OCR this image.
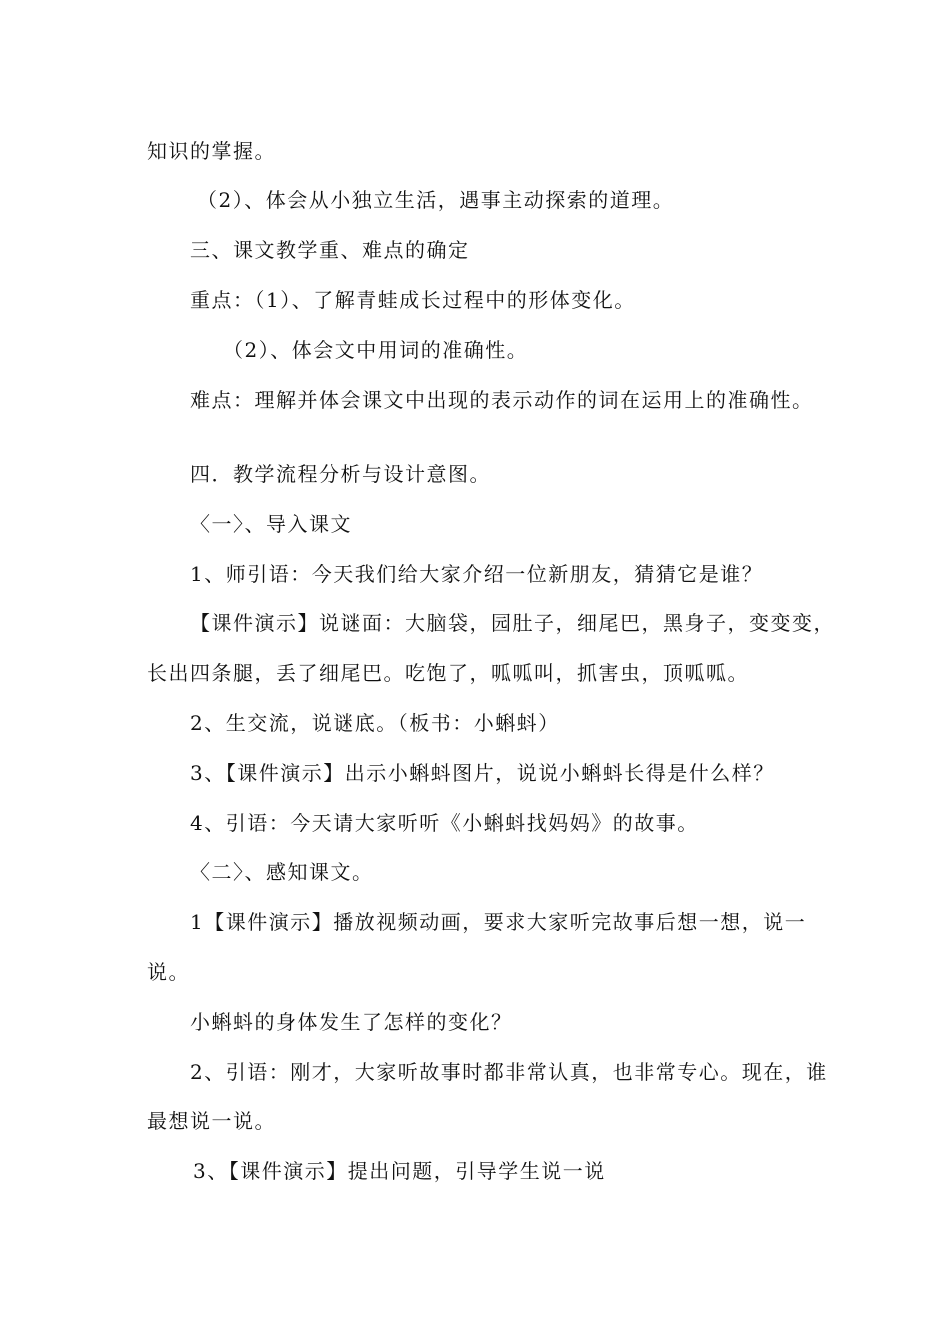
知识的掌握。
（2）、体会从小独立生活，遇事主动探索的道理。
三、课文教学重、难点的确定
重点：（1）、了解青蛙成长过程中的形体变化。
（2）、体会文中用词的准确性。
难点：理解并体会课文中出现的表示动作的词在运用上的准确性。
四．教学流程分析与设计意图。
〈一〉、导入课文
1、师引语：今天我们给大家介绍一位新朋友，猜猜它是谁？
【课件演示】说谜面：大脑袋，园肚子，细尾巴，黑身子，变变变，
长出四条腿，丢了细尾巴。吃饱了，呱呱叫，抓害虫，顶呱呱。
2、生交流，说谜底。（板书：小蝌蚪）
3、【课件演示】出示小蝌蚪图片，说说小蝌蚪长得是什么样？
4、引语：今天请大家听听《小蝌蚪找妈妈》的故事。
〈二〉、感知课文。
1【课件演示】播放视频动画，要求大家听完故事后想一想，说一
说。
小蝌蚪的身体发生了怎样的变化？
2、引语：刚才，大家听故事时都非常认真，也非常专心。现在，谁
最想说一说。
3、【课件演示】提出问题，引导学生说一说
